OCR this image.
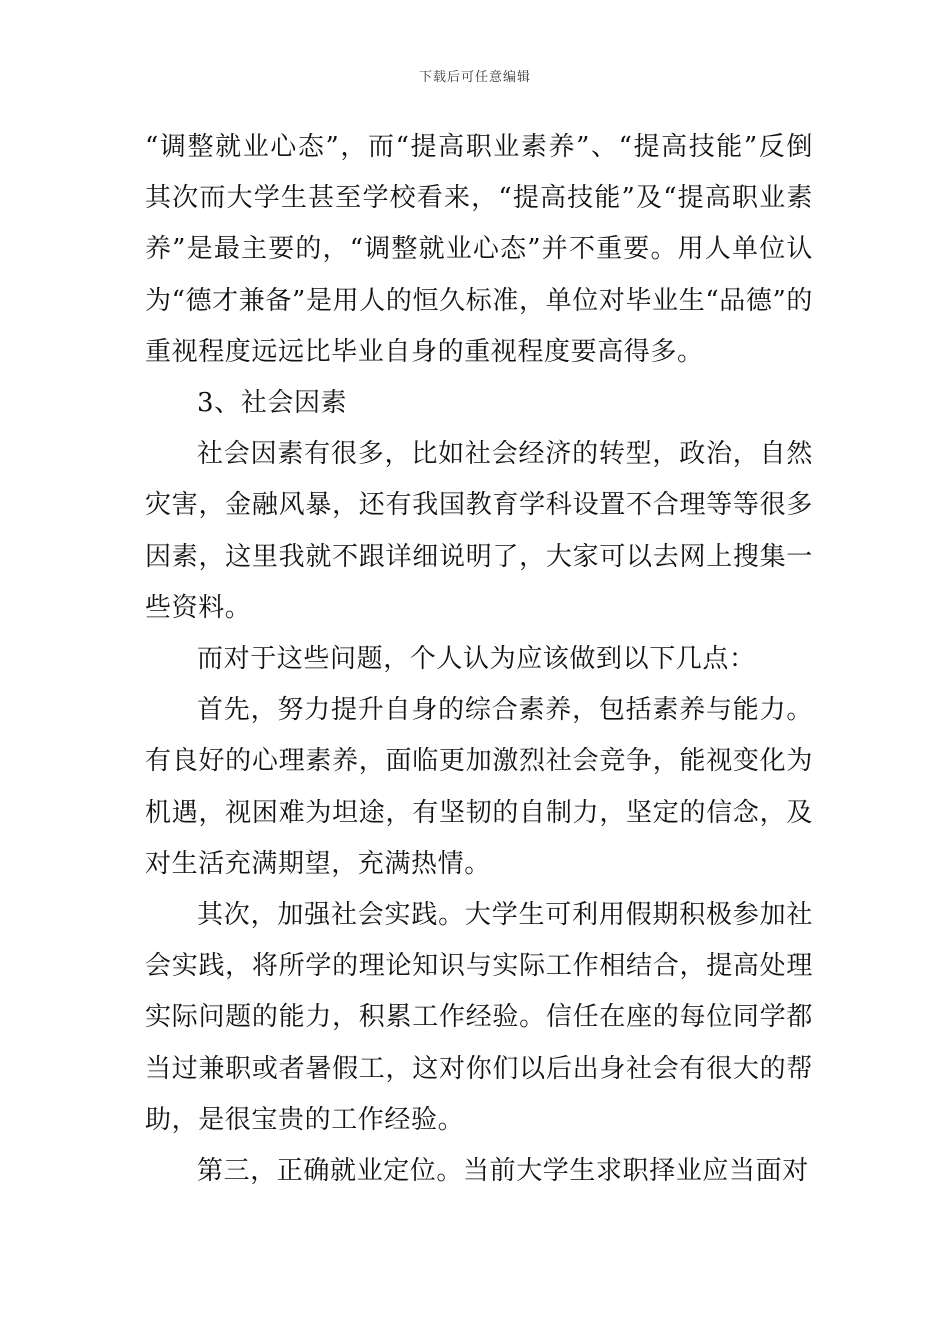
下载后可任意编辑

“调整就业心态”，而“提高职业素养”、“提高技能”反倒其次而大学生甚至学校看来，“提高技能”及“提高职业素养”是最主要的，“调整就业心态”并不重要。用人单位认为“德才兼备”是用人的恒久标准，单位对毕业生“品德”的重视程度远远比毕业自身的重视程度要高得多。

3、社会因素

社会因素有很多，比如社会经济的转型，政治，自然灾害，金融风暴，还有我国教育学科设置不合理等等很多因素，这里我就不跟详细说明了，大家可以去网上搜集一些资料。

而对于这些问题，个人认为应该做到以下几点：

首先，努力提升自身的综合素养，包括素养与能力。有良好的心理素养，面临更加激烈社会竞争，能视变化为机遇，视困难为坦途，有坚韧的自制力，坚定的信念，及对生活充满期望，充满热情。

其次，加强社会实践。大学生可利用假期积极参加社会实践，将所学的理论知识与实际工作相结合，提高处理实际问题的能力，积累工作经验。信任在座的每位同学都当过兼职或者暑假工，这对你们以后出身社会有很大的帮助，是很宝贵的工作经验。

第三，正确就业定位。当前大学生求职择业应当面对
